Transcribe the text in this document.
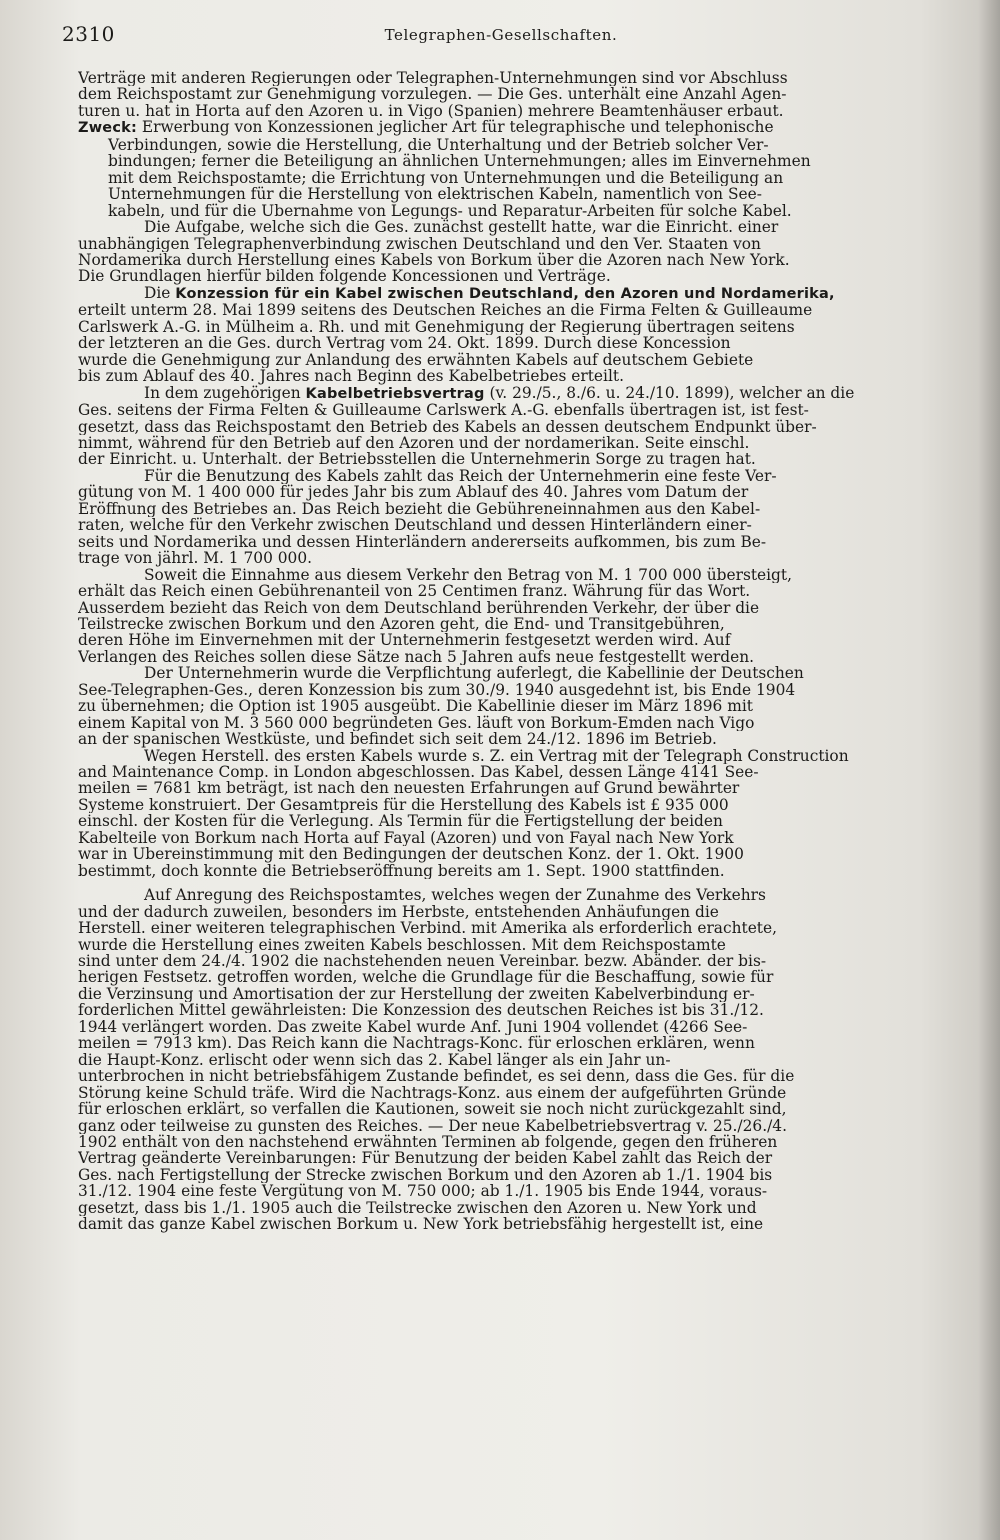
2310	Telegraphen-Gesellschaften.
Verträge mit anderen Regierungen oder Telegraphen-Unternehmungen sind vor Abschluss
dem Reichspostamt zur Genehmigung vorzulegen. — Die Ges. unterhält eine Anzahl Agen-
turen u. hat in Horta auf den Azoren u. in Vigo (Spanien) mehrere Beamtenhäuser erbaut.
Zweck: Erwerbung von Konzessionen jeglicher Art für telegraphische und telephonische
Verbindungen, sowie die Herstellung, die Unterhaltung und der Betrieb solcher Ver-
bindungen; ferner die Beteiligung an ähnlichen Unternehmungen; alles im Einvernehmen
mit dem Reichspostamte; die Errichtung von Unternehmungen und die Beteiligung an
Unternehmungen für die Herstellung von elektrischen Kabeln, namentlich von See-
kabeln, und für die Übernahme von Legungs- und Reparatur-Arbeiten für solche Kabel.
Die Aufgabe, welche sich die Ges. zunächst gestellt hatte, war die Einricht. einer
unabhängigen Telegraphenverbindung zwischen Deutschland und den Ver. Staaten von
Nordamerika durch Herstellung eines Kabels von Borkum über die Azoren nach New York.
Die Grundlagen hierfür bilden folgende Koncessionen und Verträge.
Die Konzession für ein Kabel zwischen Deutschland, den Azoren und Nordamerika,
erteilt unterm 28. Mai 1899 seitens des Deutschen Reiches an die Firma Felten & Guilleaume
Carlswerk A.-G. in Mülheim a. Rh. und mit Genehmigung der Regierung übertragen seitens
der letzteren an die Ges. durch Vertrag vom 24. Okt. 1899. Durch diese Koncession
wurde die Genehmigung zur Anlandung des erwähnten Kabels auf deutschem Gebiete
bis zum Ablauf des 40. Jahres nach Beginn des Kabelbetriebes erteilt.
In dem zugehörigen Kabelbetriebsvertrag (v. 29./5., 8./6. u. 24./10. 1899), welcher an die
Ges. seitens der Firma Felten & Guilleaume Carlswerk A.-G. ebenfalls übertragen ist, ist fest-
gesetzt, dass das Reichspostamt den Betrieb des Kabels an dessen deutschem Endpunkt über-
nimmt, während für den Betrieb auf den Azoren und der nordamerikan. Seite einschl.
der Einricht. u. Unterhalt. der Betriebsstellen die Unternehmerin Sorge zu tragen hat.
Für die Benutzung des Kabels zahlt das Reich der Unternehmerin eine feste Ver-
gütung von M. 1 400 000 für jedes Jahr bis zum Ablauf des 40. Jahres vom Datum der
Eröffnung des Betriebes an. Das Reich bezieht die Gebühreneinnahmen aus den Kabel-
raten, welche für den Verkehr zwischen Deutschland und dessen Hinterländern einer-
seits und Nordamerika und dessen Hinterländern andererseits aufkommen, bis zum Be-
trage von jährl. M. 1 700 000.
Soweit die Einnahme aus diesem Verkehr den Betrag von M. 1 700 000 übersteigt,
erhält das Reich einen Gebührenanteil von 25 Centimen franz. Währung für das Wort.
Ausserdem bezieht das Reich von dem Deutschland berührenden Verkehr, der über die
Teilstrecke zwischen Borkum und den Azoren geht, die End- und Transitgebühren,
deren Höhe im Einvernehmen mit der Unternehmerin festgesetzt werden wird. Auf
Verlangen des Reiches sollen diese Sätze nach 5 Jahren aufs neue festgestellt werden.
Der Unternehmerin wurde die Verpflichtung auferlegt, die Kabellinie der Deutschen
See-Telegraphen-Ges., deren Konzession bis zum 30./9. 1940 ausgedehnt ist, bis Ende 1904
zu übernehmen; die Option ist 1905 ausgeübt. Die Kabellinie dieser im März 1896 mit
einem Kapital von M. 3 560 000 begründeten Ges. läuft von Borkum-Emden nach Vigo
an der spanischen Westküste, und befindet sich seit dem 24./12. 1896 im Betrieb.
Wegen Herstell. des ersten Kabels wurde s. Z. ein Vertrag mit der Telegraph Construction
and Maintenance Comp. in London abgeschlossen. Das Kabel, dessen Länge 4141 See-
meilen = 7681 km beträgt, ist nach den neuesten Erfahrungen auf Grund bewährter
Systeme konstruiert. Der Gesamtpreis für die Herstellung des Kabels ist £ 935 000
einschl. der Kosten für die Verlegung. Als Termin für die Fertigstellung der beiden
Kabelteile von Borkum nach Horta auf Fayal (Azoren) und von Fayal nach New York
war in Übereinstimmung mit den Bedingungen der deutschen Konz. der 1. Okt. 1900
bestimmt, doch konnte die Betriebseröffnung bereits am 1. Sept. 1900 stattfinden.
Auf Anregung des Reichspostamtes, welches wegen der Zunahme des Verkehrs
und der dadurch zuweilen, besonders im Herbste, entstehenden Anhäufungen die
Herstell. einer weiteren telegraphischen Verbind. mit Amerika als erforderlich erachtete,
wurde die Herstellung eines zweiten Kabels beschlossen. Mit dem Reichspostamte
sind unter dem 24./4. 1902 die nachstehenden neuen Vereinbar. bezw. Abänder. der bis-
herigen Festsetz. getroffen worden, welche die Grundlage für die Beschaffung, sowie für
die Verzinsung und Amortisation der zur Herstellung der zweiten Kabelverbindung er-
forderlichen Mittel gewährleisten: Die Konzession des deutschen Reiches ist bis 31./12.
1944 verlängert worden. Das zweite Kabel wurde Anf. Juni 1904 vollendet (4266 See-
meilen = 7913 km). Das Reich kann die Nachtrags-Konc. für erloschen erklären, wenn
die Haupt-Konz. erlischt oder wenn sich das 2. Kabel länger als ein Jahr un-
unterbrochen in nicht betriebsfähigem Zustande befindet, es sei denn, dass die Ges. für die
Störung keine Schuld träfe. Wird die Nachtrags-Konz. aus einem der aufgeführten Gründe
für erloschen erklärt, so verfallen die Kautionen, soweit sie noch nicht zurückgezahlt sind,
ganz oder teilweise zu gunsten des Reiches. — Der neue Kabelbetriebsvertrag v. 25./26./4.
1902 enthält von den nachstehend erwähnten Terminen ab folgende, gegen den früheren
Vertrag geänderte Vereinbarungen: Für Benutzung der beiden Kabel zahlt das Reich der
Ges. nach Fertigstellung der Strecke zwischen Borkum und den Azoren ab 1./1. 1904 bis
31./12. 1904 eine feste Vergütung von M. 750 000; ab 1./1. 1905 bis Ende 1944, voraus-
gesetzt, dass bis 1./1. 1905 auch die Teilstrecke zwischen den Azoren u. New York und
damit das ganze Kabel zwischen Borkum u. New York betriebsfähig hergestellt ist, eine
